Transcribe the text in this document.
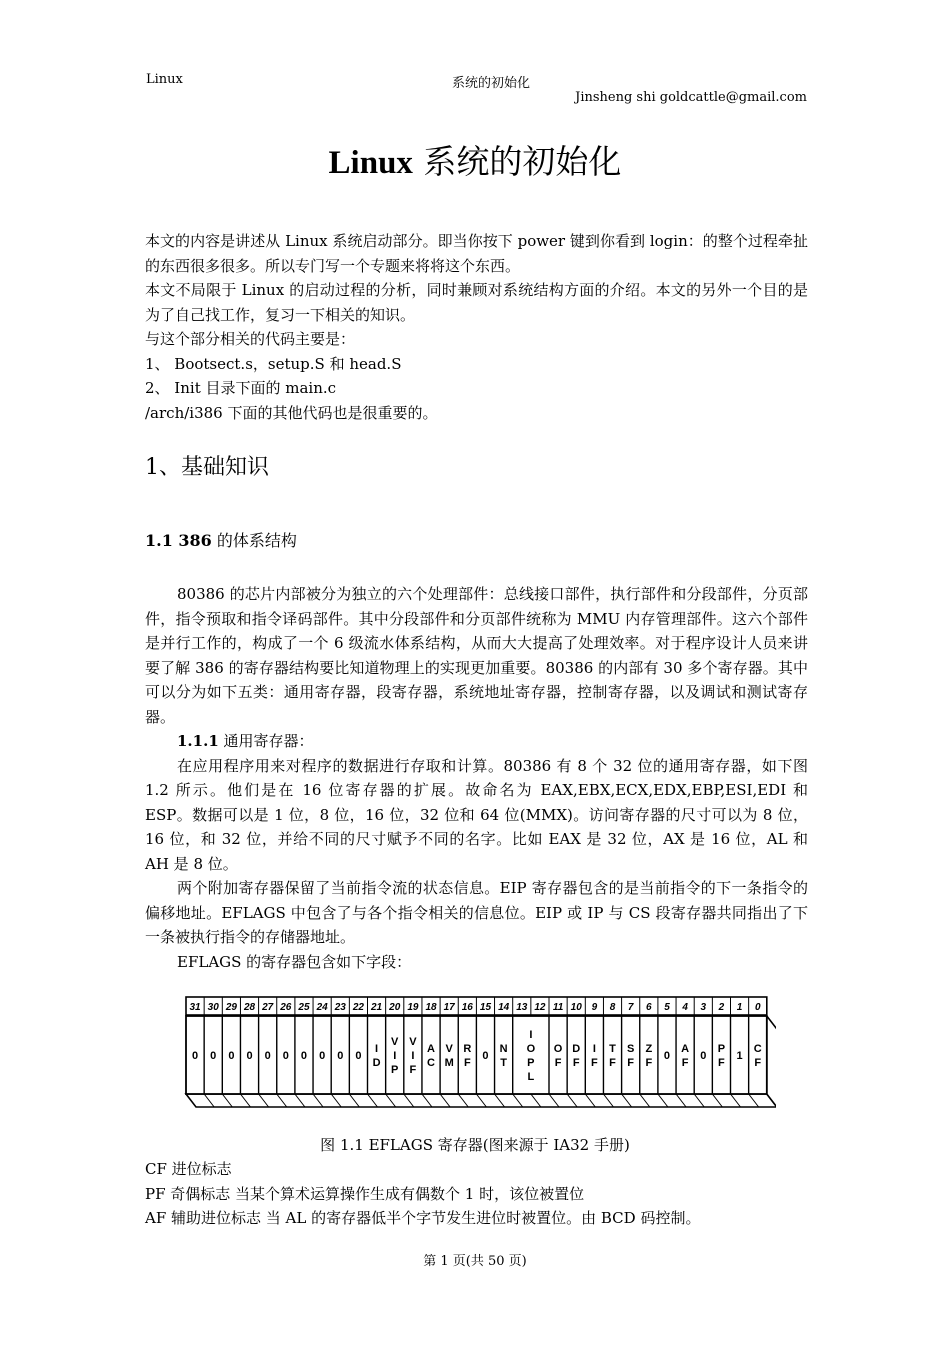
Linux	系统的初始化
Jinsheng shi goldcattle@gmail.com
Linux 系统的初始化

本文的内容是讲述从 Linux 系统启动部分。即当你按下 power 键到你看到 login：的整个过程牵扯的东西很多很多。所以专门写一个专题来将将这个东西。

本文不局限于 Linux 的启动过程的分析，同时兼顾对系统结构方面的介绍。本文的另外一个目的是为了自己找工作，复习一下相关的知识。

与这个部分相关的代码主要是：

1、 Bootsect.s，setup.S 和 head.S

2、 Init 目录下面的 main.c

/arch/i386 下面的其他代码也是很重要的。

1、基础知识
1.1 386 的体系结构

80386 的芯片内部被分为独立的六个处理部件：总线接口部件，执行部件和分段部件，分页部件，指令预取和指令译码部件。其中分段部件和分页部件统称为 MMU 内存管理部件。这六个部件是并行工作的，构成了一个 6 级流水体系结构，从而大大提高了处理效率。对于程序设计人员来讲要了解 386 的寄存器结构要比知道物理上的实现更加重要。80386 的内部有 30 多个寄存器。其中可以分为如下五类：通用寄存器，段寄存器，系统地址寄存器，控制寄存器，以及调试和测试寄存器。

1.1.1 通用寄存器：

在应用程序用来对程序的数据进行存取和计算。80386 有 8 个 32 位的通用寄存器，如下图 1.2 所示。他们是在 16 位寄存器的扩展。故命名为 EAX,EBX,ECX,EDX,EBP,ESI,EDI 和 ESP。数据可以是 1 位，8 位，16 位，32 位和 64 位(MMX)。访问寄存器的尺寸可以为 8 位，16 位，和 32 位，并给不同的尺寸赋予不同的名字。比如 EAX 是 32 位，AX 是 16 位，AL 和 AH 是 8 位。

两个附加寄存器保留了当前指令流的状态信息。EIP 寄存器包含的是当前指令的下一条指令的偏移地址。EFLAGS 中包含了与各个指令相关的信息位。EIP 或 IP 与 CS 段寄存器共同指出了下一条被执行指令的存储器地址。

EFLAGS 的寄存器包含如下字段：

31 30 29 28 27 26 25 24 23 22 21 20 19 18 17 16 15 14 13 12 11 10 9 8 7 6 5 4 3 2 1 0
0 0 0 0 0 0 0 0 0 0
I
D
V
I
P
V
I
F
A
C
V
M
R
F
0
N
T
I
O
P
L
O
F
D
F
I
F
T
F
S
F
Z
F
0
A
F
0
P
F
1
C
F
图 1.1 EFLAGS 寄存器(图来源于 IA32 手册)

CF 进位标志

PF 奇偶标志 当某个算术运算操作生成有偶数个 1 时，该位被置位

AF 辅助进位标志 当 AL 的寄存器低半个字节发生进位时被置位。由 BCD 码控制。

第 1 页(共 50 页)
